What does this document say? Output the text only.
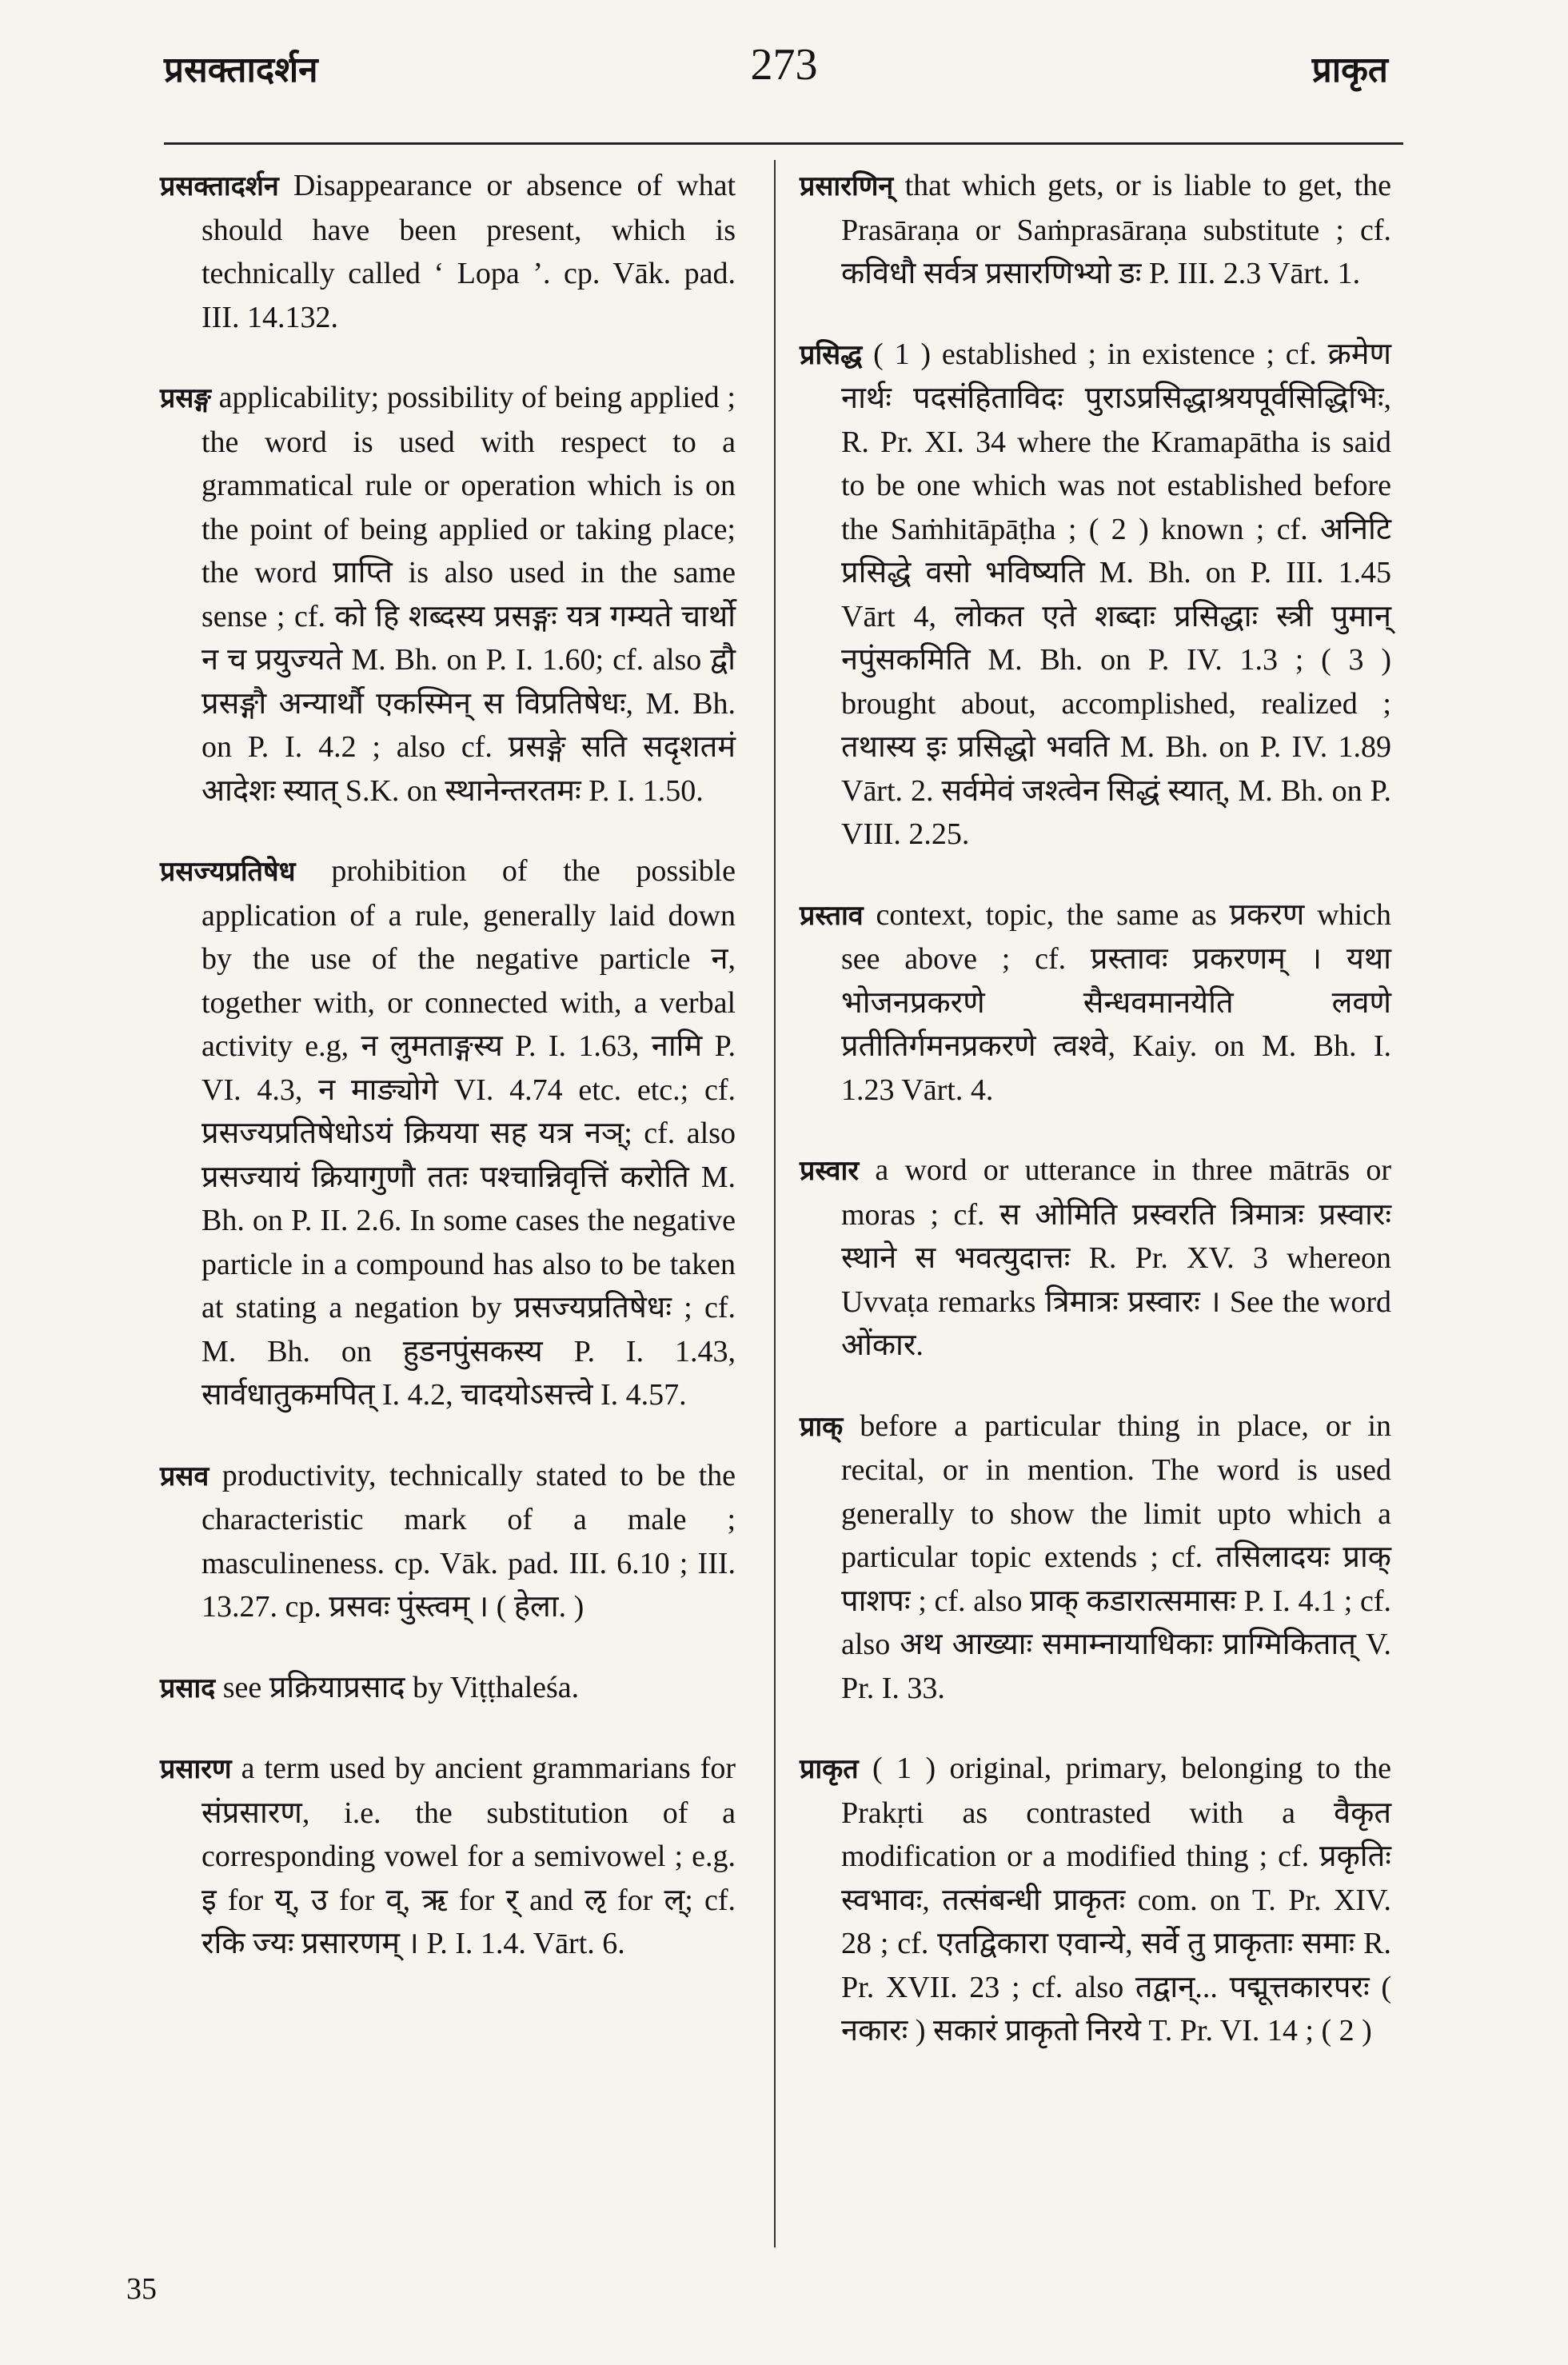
प्रसक्तादर्शन	273	प्राकृत

प्रसक्तादर्शन Disappearance or absence of what should have been present, which is technically called ‘ Lopa ’. cp. Vāk. pad. III. 14.132.

प्रसङ्ग applicability; possibility of being applied ; the word is used with respect to a grammatical rule or operation which is on the point of being applied or taking place; the word प्राप्ति is also used in the same sense ; cf. को हि शब्दस्य प्रसङ्गः यत्र गम्यते चार्थो न च प्रयुज्यते M. Bh. on P. I. 1.60; cf. also द्वौ प्रसङ्गौ अन्यार्थौ एकस्मिन् स विप्रतिषेधः, M. Bh. on P. I. 4.2 ; also cf. प्रसङ्गे सति सदृशतमं आदेशः स्यात् S.K. on स्थानेन्तरतमः P. I. 1.50.

प्रसज्यप्रतिषेध prohibition of the possible application of a rule, generally laid down by the use of the negative particle न, together with, or connected with, a verbal activity e.g, न लुमताङ्गस्य P. I. 1.63, नामि P. VI. 4.3, न माङ्योगे VI. 4.74 etc. etc.; cf. प्रसज्यप्रतिषेधोऽयं क्रियया सह यत्र नञ्; cf. also प्रसज्यायं क्रियागुणौ ततः पश्चान्निवृत्तिं करोति M. Bh. on P. II. 2.6. In some cases the negative particle in a compound has also to be taken at stating a negation by प्रसज्यप्रतिषेधः ; cf. M. Bh. on हुडनपुंसकस्य P. I. 1.43, सार्वधातुकमपित् I. 4.2, चादयोऽसत्त्वे I. 4.57.

प्रसव productivity, technically stated to be the characteristic mark of a male ; masculineness. cp. Vāk. pad. III. 6.10 ; III. 13.27. cp. प्रसवः पुंस्त्वम् । ( हेला. )

प्रसाद see प्रक्रियाप्रसाद by Viṭṭhaleśa.

प्रसारण a term used by ancient grammarians for संप्रसारण, i.e. the substitution of a corresponding vowel for a semivowel ; e.g. इ for य्, उ for व्, ऋ for र् and ऌ for ल्; cf. रकि ज्यः प्रसारणम् । P. I. 1.4. Vārt. 6.

प्रसारणिन् that which gets, or is liable to get, the Prasāraṇa or Saṁprasāraṇa substitute ; cf. कविधौ सर्वत्र प्रसारणिभ्यो डः P. III. 2.3 Vārt. 1.

प्रसिद्ध ( 1 ) established ; in existence ; cf. क्रमेण नार्थः पदसंहिताविदः पुराऽप्रसिद्धाश्रयपूर्वसिद्धिभिः, R. Pr. XI. 34 where the Kramapātha is said to be one which was not established before the Saṁhitāpāṭha ; ( 2 ) known ; cf. अनिटि प्रसिद्धे वसो भविष्यति M. Bh. on P. III. 1.45 Vārt 4, लोकत एते शब्दाः प्रसिद्धाः स्त्री पुमान् नपुंसकमिति M. Bh. on P. IV. 1.3 ; ( 3 ) brought about, accomplished, realized ; तथास्य इः प्रसिद्धो भवति M. Bh. on P. IV. 1.89 Vārt. 2. सर्वमेवं जश्त्वेन सिद्धं स्यात्, M. Bh. on P. VIII. 2.25.

प्रस्ताव context, topic, the same as प्रकरण which see above ; cf. प्रस्तावः प्रकरणम् । यथा भोजनप्रकरणे सैन्धवमानयेति लवणे प्रतीतिर्गमनप्रकरणे त्वश्वे, Kaiy. on M. Bh. I. 1.23 Vārt. 4.

प्रस्वार a word or utterance in three mātrās or moras ; cf. स ओमिति प्रस्वरति त्रिमात्रः प्रस्वारः स्थाने स भवत्युदात्तः R. Pr. XV. 3 whereon Uvvaṭa remarks त्रिमात्रः प्रस्वारः । See the word ओंकार.

प्राक् before a particular thing in place, or in recital, or in mention. The word is used generally to show the limit upto which a particular topic extends ; cf. तसिलादयः प्राक् पाशपः ; cf. also प्राक् कडारात्समासः P. I. 4.1 ; cf. also अथ आख्याः समाम्नायाधिकाः प्राग्मिकितात् V. Pr. I. 33.

प्राकृत ( 1 ) original, primary, belonging to the Prakṛti as contrasted with a वैकृत modification or a modified thing ; cf. प्रकृतिः स्वभावः, तत्संबन्धी प्राकृतः com. on T. Pr. XIV. 28 ; cf. एतद्विकारा एवान्ये, सर्वे तु प्राकृताः समाः R. Pr. XVII. 23 ; cf. also तद्वान्... पद्मूत्तकारपरः ( नकारः ) सकारं प्राकृतो निरये T. Pr. VI. 14 ; ( 2 )

35
